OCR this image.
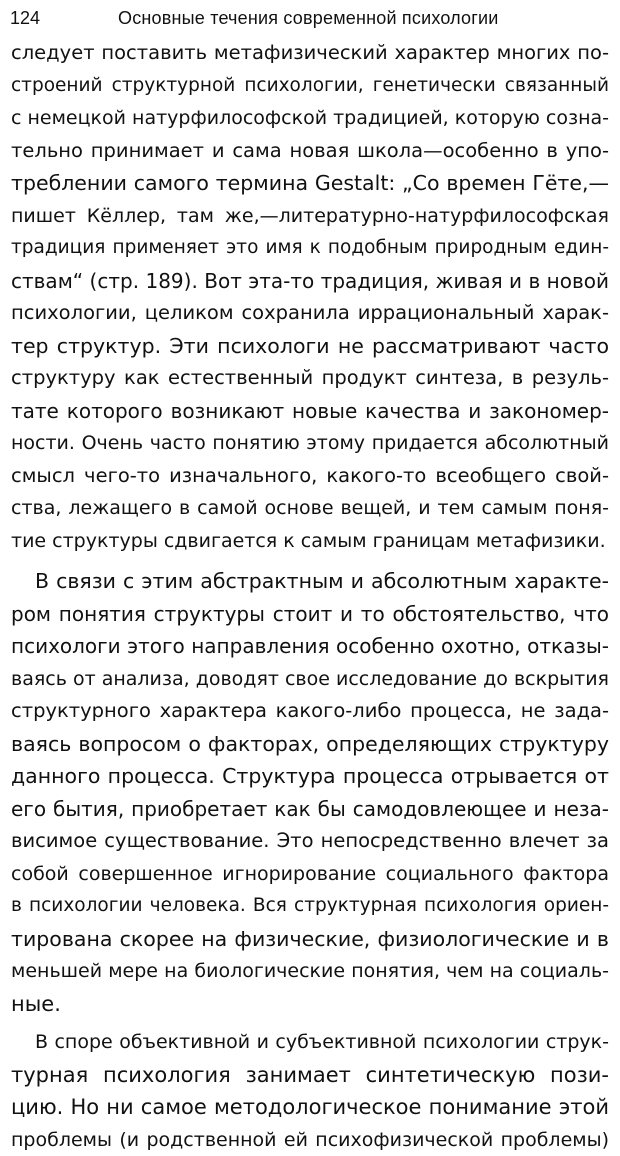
124	Основные течения современной психологии
следует поставить метафизический характер многих по-
строений структурной психологии, генетически связанный
с немецкой натурфилософской традицией, которую созна-
тельно принимает и сама новая школа—особенно в упо-
треблении самого термина Gestalt: „Со времен Гёте,—
пишет Кёллер, там же,—литературно-натурфилософская
традиция применяет это имя к подобным природным един-
ствам“ (стр. 189). Вот эта-то традиция, живая и в новой
психологии, целиком сохранила иррациональный харак-
тер структур. Эти психологи не рассматривают часто
структуру как естественный продукт синтеза, в резуль-
тате которого возникают новые качества и закономер-
ности. Очень часто понятию этому придается абсолютный
смысл чего-то изначального, какого-то всеобщего свой-
ства, лежащего в самой основе вещей, и тем самым поня-
тие структуры сдвигается к самым границам метафизики.
В связи с этим абстрактным и абсолютным характе-
ром понятия структуры стоит и то обстоятельство, что
психологи этого направления особенно охотно, отказы-
ваясь от анализа, доводят свое исследование до вскрытия
структурного характера какого-либо процесса, не зада-
ваясь вопросом о факторах, определяющих структуру
данного процесса. Структура процесса отрывается от
его бытия, приобретает как бы самодовлеющее и неза-
висимое существование. Это непосредственно влечет за
собой совершенное игнорирование социального фактора
в психологии человека. Вся структурная психология ориен-
тирована скорее на физические, физиологические и в
меньшей мере на биологические понятия, чем на социаль-
ные.
В споре объективной и субъективной психологии струк-
турная психология занимает синтетическую пози-
цию. Но ни самое методологическое понимание этой
проблемы (и родственной ей психофизической проблемы)
